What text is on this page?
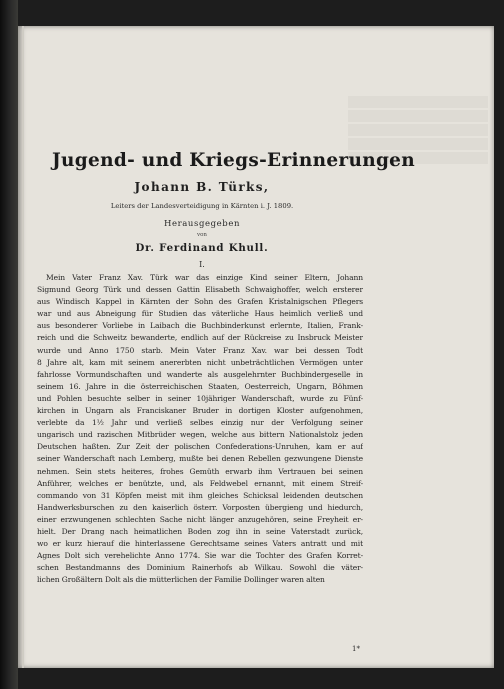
Jugend- und Kriegs-Erinnerungen
Johann B. Türks,
Leiters der Landesverteidigung in Kärnten i. J. 1809.
Herausgegeben
von
Dr. Ferdinand Khull.
I.
Mein Vater Franz Xav. Türk war das einzige Kind seiner Eltern, Johann
Sigmund Georg Türk und dessen Gattin Elisabeth Schwaighoffer, welch ersterer
aus Windisch Kappel in Kärnten der Sohn des Grafen Kristalnigschen Pflegers
war und aus Abneigung für Studien das väterliche Haus heimlich verließ und
aus besonderer Vorliebe in Laibach die Buchbinderkunst erlernte, Italien, Frank-
reich und die Schweitz bewanderte, endlich auf der Rückreise zu Insbruck Meister
wurde und Anno 1750 starb. Mein Vater Franz Xav. war bei dessen Todt
8 Jahre alt, kam mit seinem anererbten nicht unbeträchtlichen Vermögen unter
fahrlosse Vormundschaften und wanderte als ausgelehrnter Buchbindergeselle in
seinem 16. Jahre in die österreichischen Staaten, Oesterreich, Ungarn, Böhmen
und Pohlen besuchte selber in seiner 10jähriger Wanderschaft, wurde zu Fünf-
kirchen in Ungarn als Franciskaner Bruder in dortigen Kloster aufgenohmen,
verlebte da 1½ Jahr und verließ selbes einzig nur der Verfolgung seiner
ungarisch und razischen Mitbrüder wegen, welche aus bittern Nationalstolz jeden
Deutschen haßten. Zur Zeit der polischen Confederations-Unruhen, kam er auf
seiner Wanderschaft nach Lemberg, mußte bei denen Rebellen gezwungene Dienste
nehmen. Sein stets heiteres, frohes Gemüth erwarb ihm Vertrauen bei seinen
Anführer, welches er benützte, und, als Feldwebel ernannt, mit einem Streif-
commando von 31 Köpfen meist mit ihm gleiches Schicksal leidenden deutschen
Handwerksburschen zu den kaiserlich österr. Vorposten übergieng und hiedurch,
einer erzwungenen schlechten Sache nicht länger anzugehören, seine Freyheit er-
hielt. Der Drang nach heimatlichen Boden zog ihn in seine Vaterstadt zurück,
wo er kurz hierauf die hinterlassene Gerechtsame seines Vaters antratt und mit
Agnes Dolt sich verehelichte Anno 1774. Sie war die Tochter des Grafen Korret-
schen Bestandmanns des Dominium Rainerhofs ab Wilkau. Sowohl die väter-
lichen Großältern Dolt als die mütterlichen der Familie Dollinger waren alten
1*
